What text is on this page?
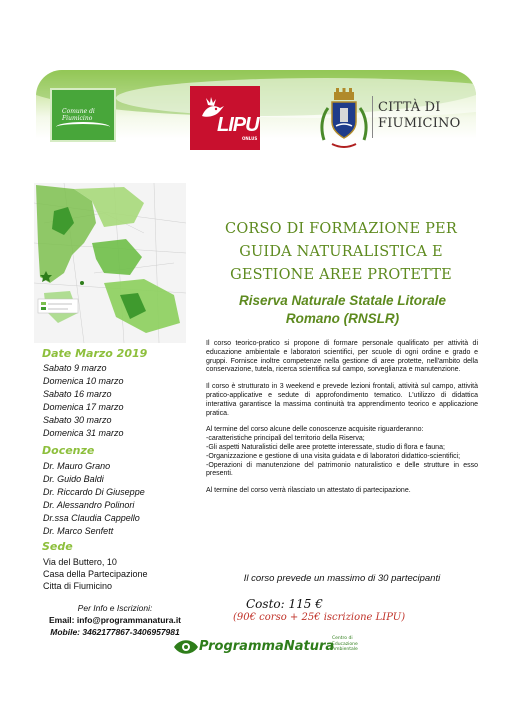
Comune di Fiumicino	LIPU
ONLUS
CITTÀ DI
FIUMICINO
CORSO DI FORMAZIONE PER
GUIDA NATURALISTICA E
GESTIONE AREE PROTETTE
Riserva Naturale Statale Litorale
Romano (RNSLR)
Date Marzo 2019
Sabato 9 marzo
Domenica 10 marzo
Sabato 16 marzo
Domenica 17 marzo
Sabato 30 marzo
Domenica 31 marzo
Docenze
Dr. Mauro Grano
Dr. Guido Baldi
Dr. Riccardo Di Giuseppe
Dr. Alessandro Polinori
Dr.ssa Claudia Cappello
Dr. Marco Senfett
Sede
Via del Buttero, 10
Casa della Partecipazione
Citta di Fiumicino
Per Info e Iscrizioni:
Email: info@programmanatura.it
Mobile: 3462177867-3406957981

Il corso teorico-pratico si propone di formare personale qualificato per attività di educazione ambientale e laboratori scientifici, per scuole di ogni ordine e grado e gruppi. Fornisce inoltre competenze nella gestione di aree protette, nell'ambito della conservazione, tutela, ricerca scientifica sul campo, sorveglianza e manutenzione.

Il corso è strutturato in 3 weekend e prevede lezioni frontali, attività sul campo, attività pratico-applicative e sedute di approfondimento tematico. L'utilizzo di didattica interattiva garantisce la massima continuità tra apprendimento teorico e applicazione pratica.

Al termine del corso alcune delle conoscenze acquisite riguarderanno:

-caratteristiche principali del territorio della Riserva;

-Gli aspetti Naturalistici delle aree protette interessate, studio di flora e fauna;

-Organizzazione e gestione di una visita guidata e di laboratori didattico-scientifici;

-Operazioni di manutenzione del patrimonio naturalistico e delle strutture in esso presenti.

Al termine del corso verrà rilasciato un attestato di partecipazione.

Il corso prevede un massimo di 30 partecipanti
Costo: 115 €
(90€ corso + 25€ iscrizione LIPU)
ProgrammaNatura
Centro di
Educazione
Ambientale
